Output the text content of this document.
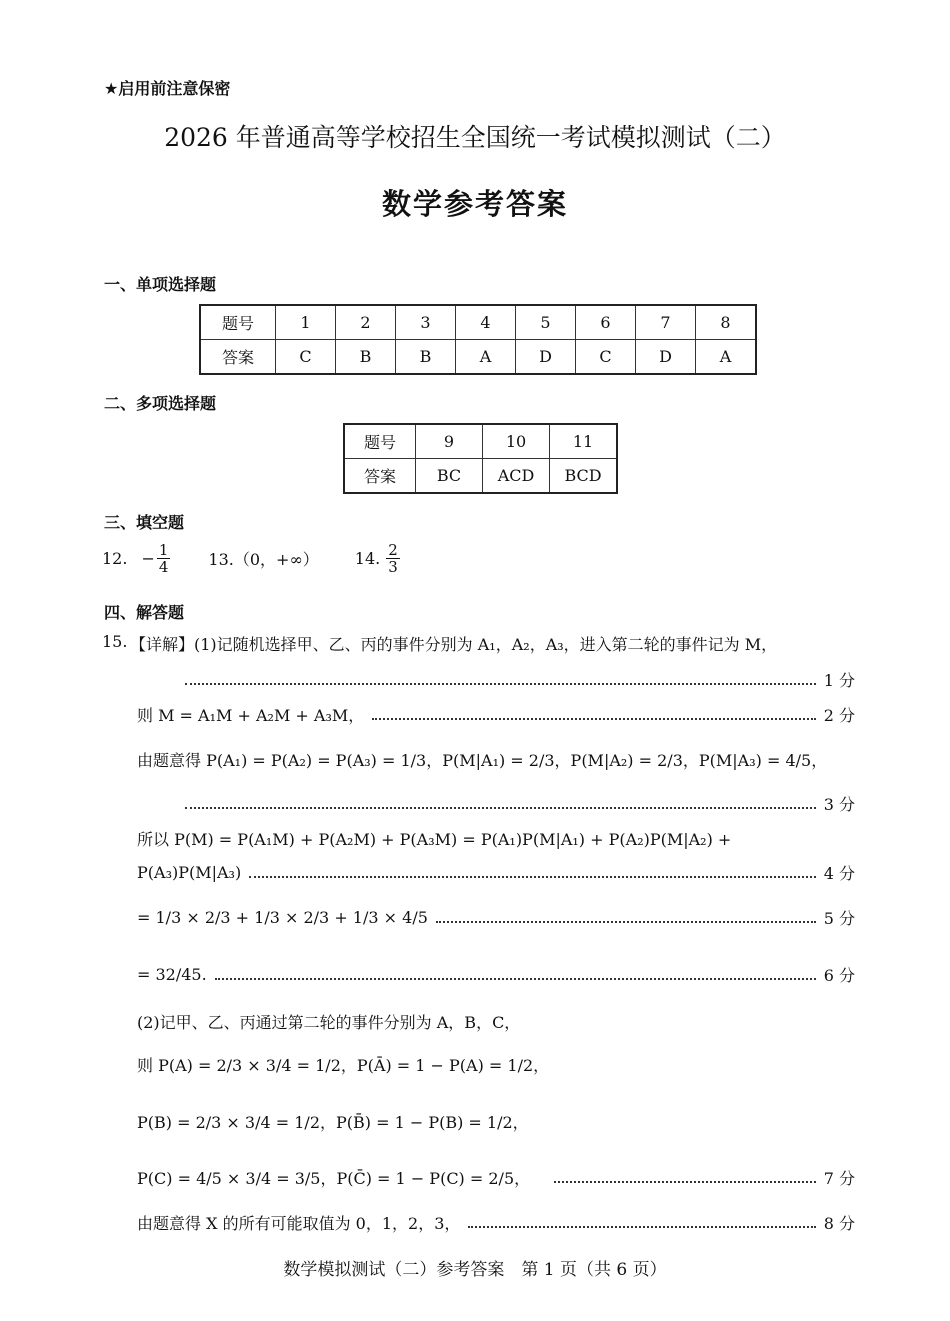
★启用前注意保密
2026 年普通高等学校招生全国统一考试模拟测试（二）
数学参考答案
一、单项选择题
题号	1	2	3	4	5	6	7	8
答案	C	B	B	A	D	C	D	A
二、多项选择题
题号	9	10	11
答案	BC	ACD	BCD
三、填空题
12. − $\frac{1}{4} 13.(0$，+∞） 14. $\frac{2}{3}$
四、解答题
15. 【详解】(1)记随机选择甲、乙、丙的事件分别为 A₁，A₂，A₃，进入第二轮的事件记为 M，
1 分
则 M = A₁M + A₂M + A₃M，	2 分
由题意得 P(A₁) = P(A₂) = P(A₃) = 1/3，P(M|A₁) = 2/3，P(M|A₂) = 2/3，P(M|A₃) = 4/5，
3 分
所以 P(M) = P(A₁M) + P(A₂M) + P(A₃M) = P(A₁)P(M|A₁) + P(A₂)P(M|A₂) +
P(A₃)P(M|A₃)	4 分
= 1/3 × 2/3 + 1/3 × 2/3 + 1/3 × 4/5	5 分
= 32/45.	6 分
(2)记甲、乙、丙通过第二轮的事件分别为 A，B，C，
则 P(A) = 2/3 × 3/4 = 1/2，P(Ā) = 1 − P(A) = 1/2，
P(B) = 2/3 × 3/4 = 1/2，P(B̄) = 1 − P(B) = 1/2，
P(C) = 4/5 × 3/4 = 3/5，P(C̄) = 1 − P(C) = 2/5，	7 分
由题意得 X 的所有可能取值为 0，1，2，3，	8 分
数学模拟测试（二）参考答案　第 1 页（共 6 页）
